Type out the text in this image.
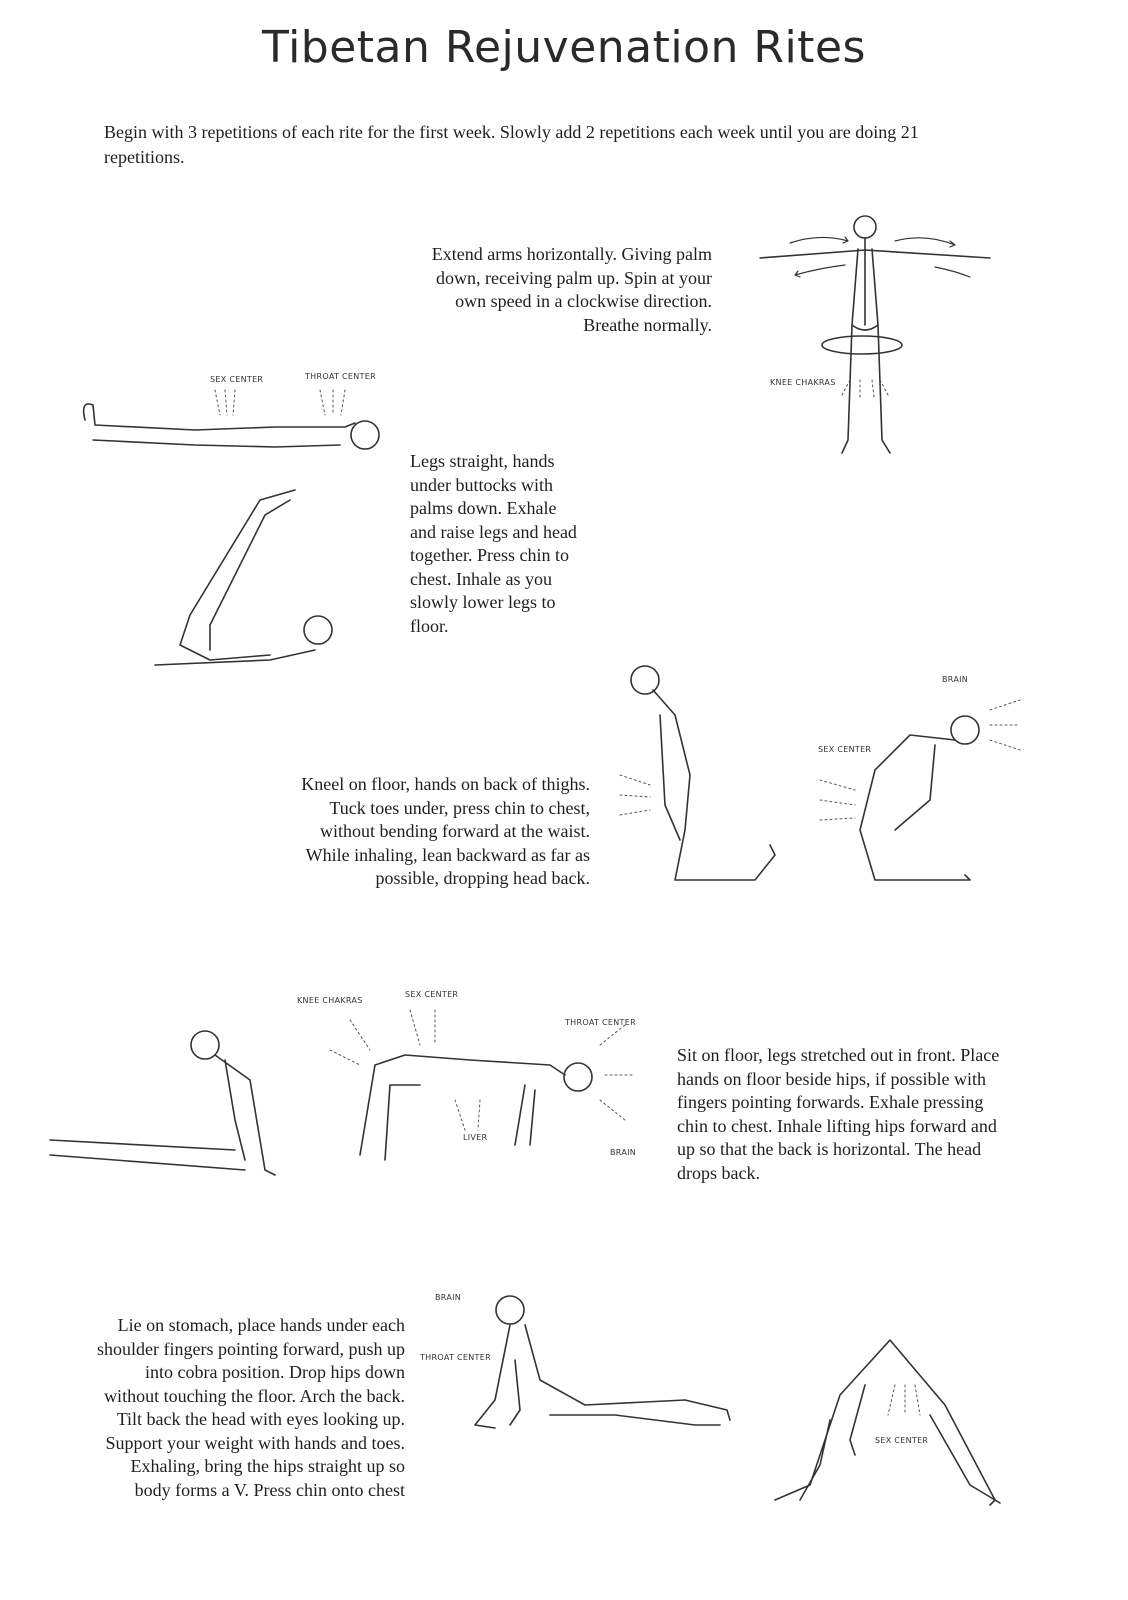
Tibetan Rejuvenation Rites

Begin with 3 repetitions of each rite for the first week. Slowly add 2 repetitions each week until you are doing 21 repetitions.

Extend arms horizontally. Giving palm
down, receiving palm up. Spin at your
own speed in a clockwise direction.
Breathe normally.

KNEE CHAKRAS

Legs straight, hands
under buttocks with
palms down. Exhale
and raise legs and head
together. Press chin to
chest. Inhale as you
slowly lower legs to
floor.

SEX CENTER	THROAT CENTER

Kneel on floor, hands on back of thighs.
Tuck toes under, press chin to chest,
without bending forward at the waist.
While inhaling, lean backward as far as
possible, dropping head back.

BRAIN
SEX CENTER
KNEE CHAKRAS
SEX CENTER
THROAT CENTER
LIVER
BRAIN

Sit on floor, legs stretched out in front. Place
hands on floor beside hips, if possible with
fingers pointing forwards. Exhale pressing
chin to chest. Inhale lifting hips forward and
up so that the back is horizontal. The head
drops back.

Lie on stomach, place hands under each
shoulder fingers pointing forward, push up
into cobra position. Drop hips down
without touching the floor. Arch the back.
Tilt back the head with eyes looking up.
Support your weight with hands and toes.
Exhaling, bring the hips straight up so
body forms a V. Press chin onto chest

BRAIN
THROAT CENTER
SEX CENTER
